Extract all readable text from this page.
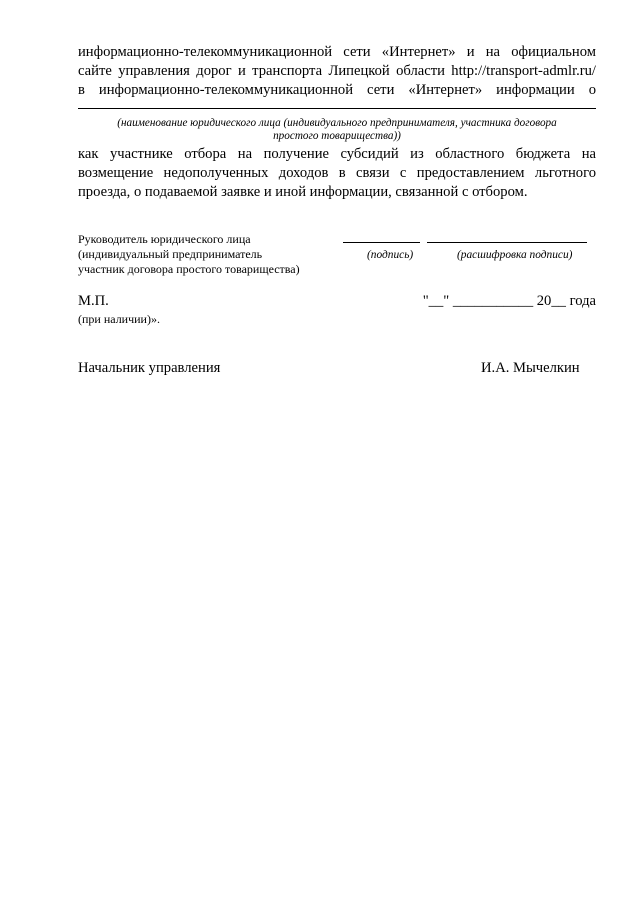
информационно-телекоммуникационной сети «Интернет» и на официальном
сайте управления дорог и транспорта Липецкой области http://transport-admlr.ru/
в информационно-телекоммуникационной сети «Интернет» информации о
(наименование юридического лица (индивидуального предпринимателя, участника договора
простого товарищества))
как участнике отбора на получение субсидий из областного бюджета на
возмещение недополученных доходов в связи с предоставлением льготного
проезда, о подаваемой заявке и иной информации, связанной с отбором.
Руководитель юридического лица
(индивидуальный предприниматель
участник договора простого товарищества)
(подпись)	(расшифровка подписи)
М.П.
(при наличии)».
"__" ___________ 20__ года
Начальник управления	И.А. Мычелкин
